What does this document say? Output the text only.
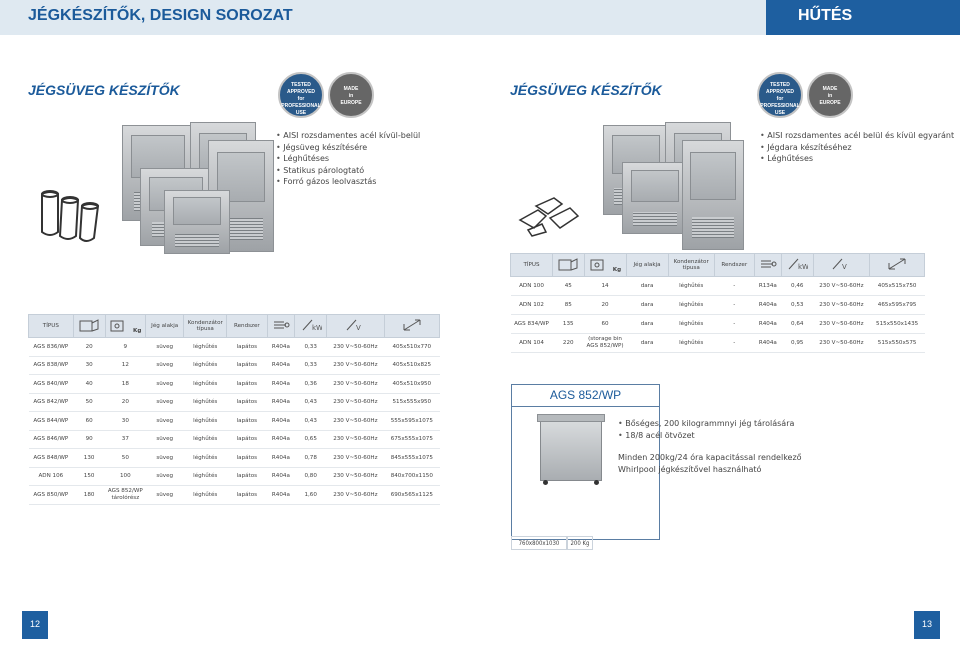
JÉGKÉSZÍTŐK, DESIGN SOROZAT	HŰTÉS
JÉGSÜVEG KÉSZÍTŐK	TESTED
APPROVED
for
PROFESSIONAL USE
MADE
in
EUROPE
• AISI rozsdamentes acél kívül-belül
• Jégsüveg készítésére
• Léghűtéses
• Statikus párologtató
• Forró gázos leolvasztás
TÍPUS		Kg	Jég alakja	Kondenzátor típusa	Rendszer		kW	V

AGS 836/WP	20	9	süveg	léghűtés	lapátos	R404a	0,33	230 V~50-60Hz	405x510x770
AGS 838/WP	30	12	süveg	léghűtés	lapátos	R404a	0,33	230 V~50-60Hz	405x510x825
AGS 840/WP	40	18	süveg	léghűtés	lapátos	R404a	0,36	230 V~50-60Hz	405x510x950
AGS 842/WP	50	20	süveg	léghűtés	lapátos	R404a	0,43	230 V~50-60Hz	515x555x950
AGS 844/WP	60	30	süveg	léghűtés	lapátos	R404a	0,43	230 V~50-60Hz	555x595x1075
AGS 846/WP	90	37	süveg	léghűtés	lapátos	R404a	0,65	230 V~50-60Hz	675x555x1075
AGS 848/WP	130	50	süveg	léghűtés	lapátos	R404a	0,78	230 V~50-60Hz	845x555x1075
ADN 106	150	100	süveg	léghűtés	lapátos	R404a	0,80	230 V~50-60Hz	840x700x1150
AGS 850/WP	180	AGS 852/WP tárolórész	süveg	léghűtés	lapátos	R404a	1,60	230 V~50-60Hz	690x565x1125
12
JÉGSÜVEG KÉSZÍTŐK	TESTED
APPROVED
for
PROFESSIONAL USE
MADE
in
EUROPE
• AISI rozsdamentes acél belül és kívül egyaránt
• Jégdara készítéséhez
• Léghűtéses
TÍPUS		Kg	Jég alakja	Kondenzátor típusa	Rendszer		kW	V

ADN 100	45	14	dara	léghűtés	-	R134a	0,46	230 V~50-60Hz	405x515x750
ADN 102	85	20	dara	léghűtés	-	R404a	0,53	230 V~50-60Hz	465x595x795
AGS 834/WP	135	60	dara	léghűtés	-	R404a	0,64	230 V~50-60Hz	515x550x1435
ADN 104	220	(storage bin AGS 852/WP)	dara	léghűtés	-	R404a	0,95	230 V~50-60Hz	515x550x575
AGS 852/WP
760x800x1030	200 Kg
• Bőséges, 200 kilogrammnyi jég tárolására
• 18/8 acél ötvözet
Minden 200kg/24 óra kapacitással rendelkező Whirlpool jégkészítővel használható
13
